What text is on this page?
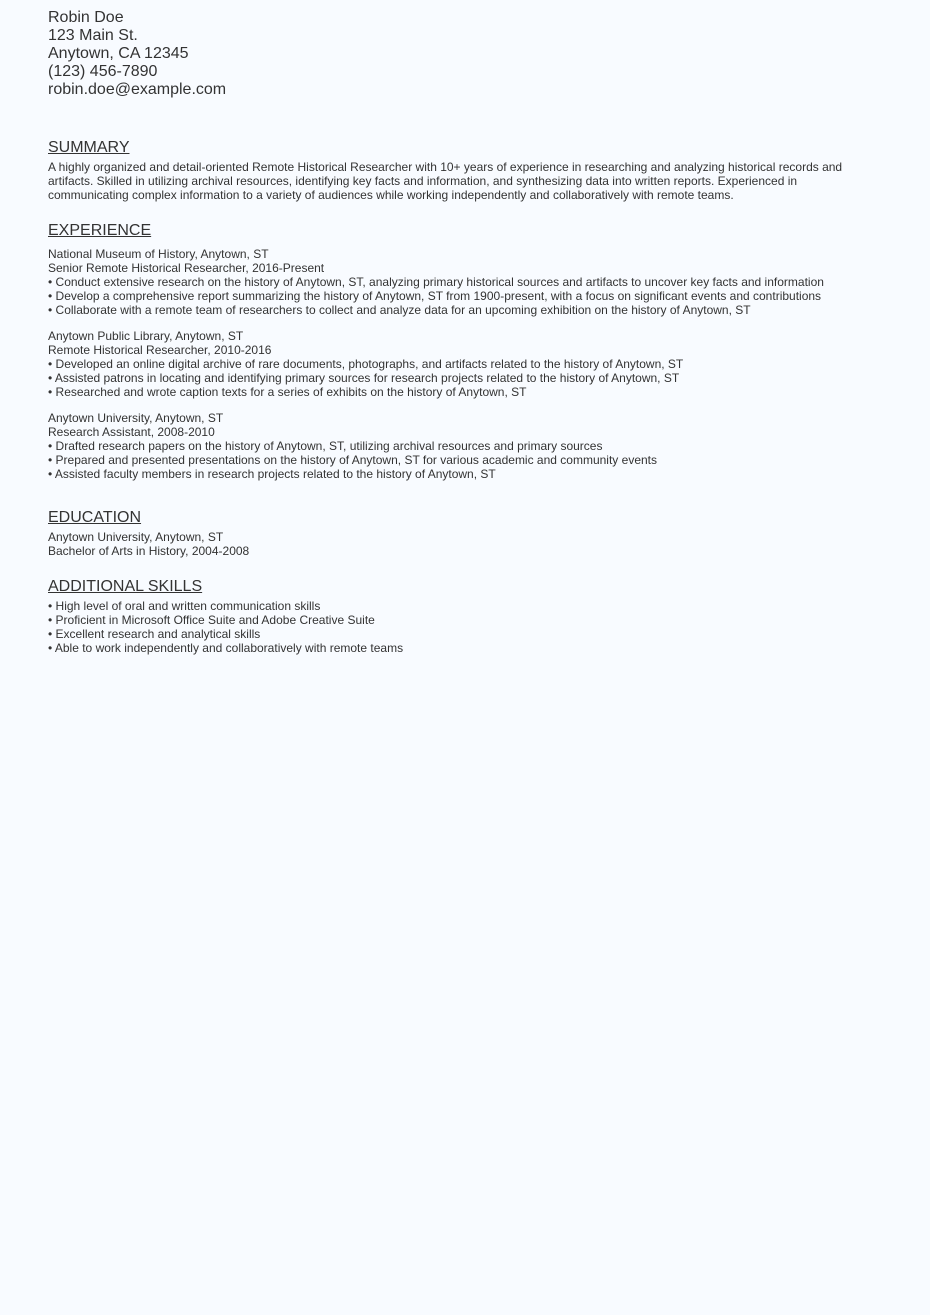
Robin Doe

123 Main St.

Anytown, CA 12345

(123) 456-7890

robin.doe@example.com

SUMMARY

A highly organized and detail-oriented Remote Historical Researcher with 10+ years of experience in researching and analyzing historical records and artifacts. Skilled in utilizing archival resources, identifying key facts and information, and synthesizing data into written reports. Experienced in communicating complex information to a variety of audiences while working independently and collaboratively with remote teams.

EXPERIENCE

National Museum of History, Anytown, ST

Senior Remote Historical Researcher, 2016-Present

• Conduct extensive research on the history of Anytown, ST, analyzing primary historical sources and artifacts to uncover key facts and information

• Develop a comprehensive report summarizing the history of Anytown, ST from 1900-present, with a focus on significant events and contributions

• Collaborate with a remote team of researchers to collect and analyze data for an upcoming exhibition on the history of Anytown, ST

Anytown Public Library, Anytown, ST

Remote Historical Researcher, 2010-2016

• Developed an online digital archive of rare documents, photographs, and artifacts related to the history of Anytown, ST

• Assisted patrons in locating and identifying primary sources for research projects related to the history of Anytown, ST

• Researched and wrote caption texts for a series of exhibits on the history of Anytown, ST

Anytown University, Anytown, ST

Research Assistant, 2008-2010

• Drafted research papers on the history of Anytown, ST, utilizing archival resources and primary sources

• Prepared and presented presentations on the history of Anytown, ST for various academic and community events

• Assisted faculty members in research projects related to the history of Anytown, ST

EDUCATION

Anytown University, Anytown, ST

Bachelor of Arts in History, 2004-2008

ADDITIONAL SKILLS

• High level of oral and written communication skills

• Proficient in Microsoft Office Suite and Adobe Creative Suite

• Excellent research and analytical skills

• Able to work independently and collaboratively with remote teams
